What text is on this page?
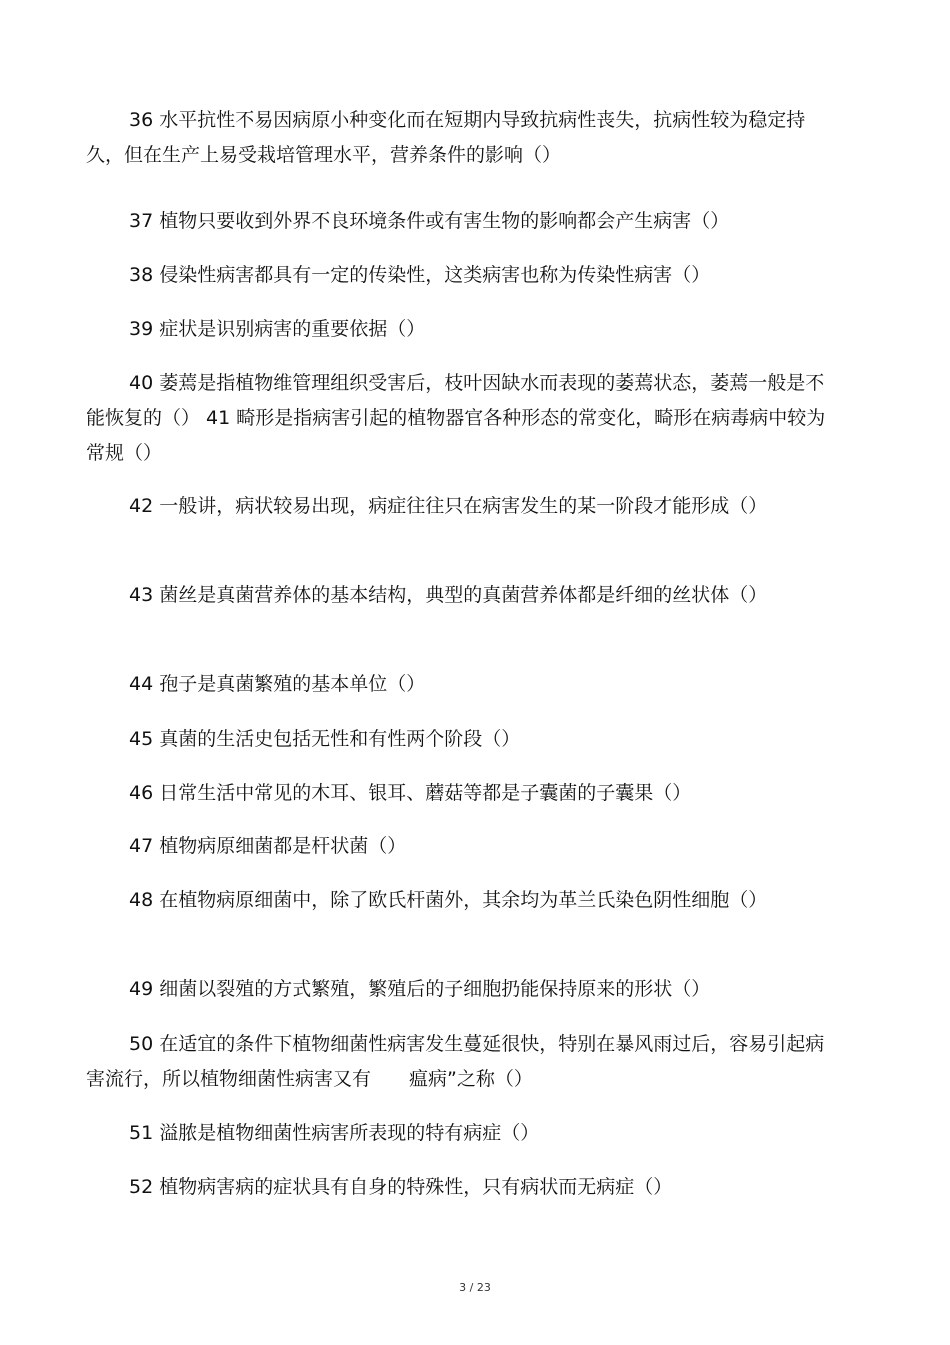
36 水平抗性不易因病原小种变化而在短期内导致抗病性丧失，抗病性较为稳定持久，但在生产上易受栽培管理水平，营养条件的影响（）

37 植物只要收到外界不良环境条件或有害生物的影响都会产生病害（）

38 侵染性病害都具有一定的传染性，这类病害也称为传染性病害（）

39 症状是识别病害的重要依据（）

40 萎蔫是指植物维管理组织受害后，枝叶因缺水而表现的萎蔫状态，萎蔫一般是不能恢复的（） 41 畸形是指病害引起的植物器官各种形态的常变化，畸形在病毒病中较为常规（）

42 一般讲，病状较易出现，病症往往只在病害发生的某一阶段才能形成（）

43 菌丝是真菌营养体的基本结构，典型的真菌营养体都是纤细的丝状体（）

44 孢子是真菌繁殖的基本单位（）

45 真菌的生活史包括无性和有性两个阶段（）

46 日常生活中常见的木耳、银耳、蘑菇等都是子囊菌的子囊果（）

47 植物病原细菌都是杆状菌（）

48 在植物病原细菌中，除了欧氏杆菌外，其余均为革兰氏染色阴性细胞（）

49 细菌以裂殖的方式繁殖，繁殖后的子细胞扔能保持原来的形状（）

50 在适宜的条件下植物细菌性病害发生蔓延很快，特别在暴风雨过后，容易引起病害流行，所以植物细菌性病害又有　　瘟病”之称（）

51 溢脓是植物细菌性病害所表现的特有病症（）

52 植物病害病的症状具有自身的特殊性，只有病状而无病症（）

3 / 23
